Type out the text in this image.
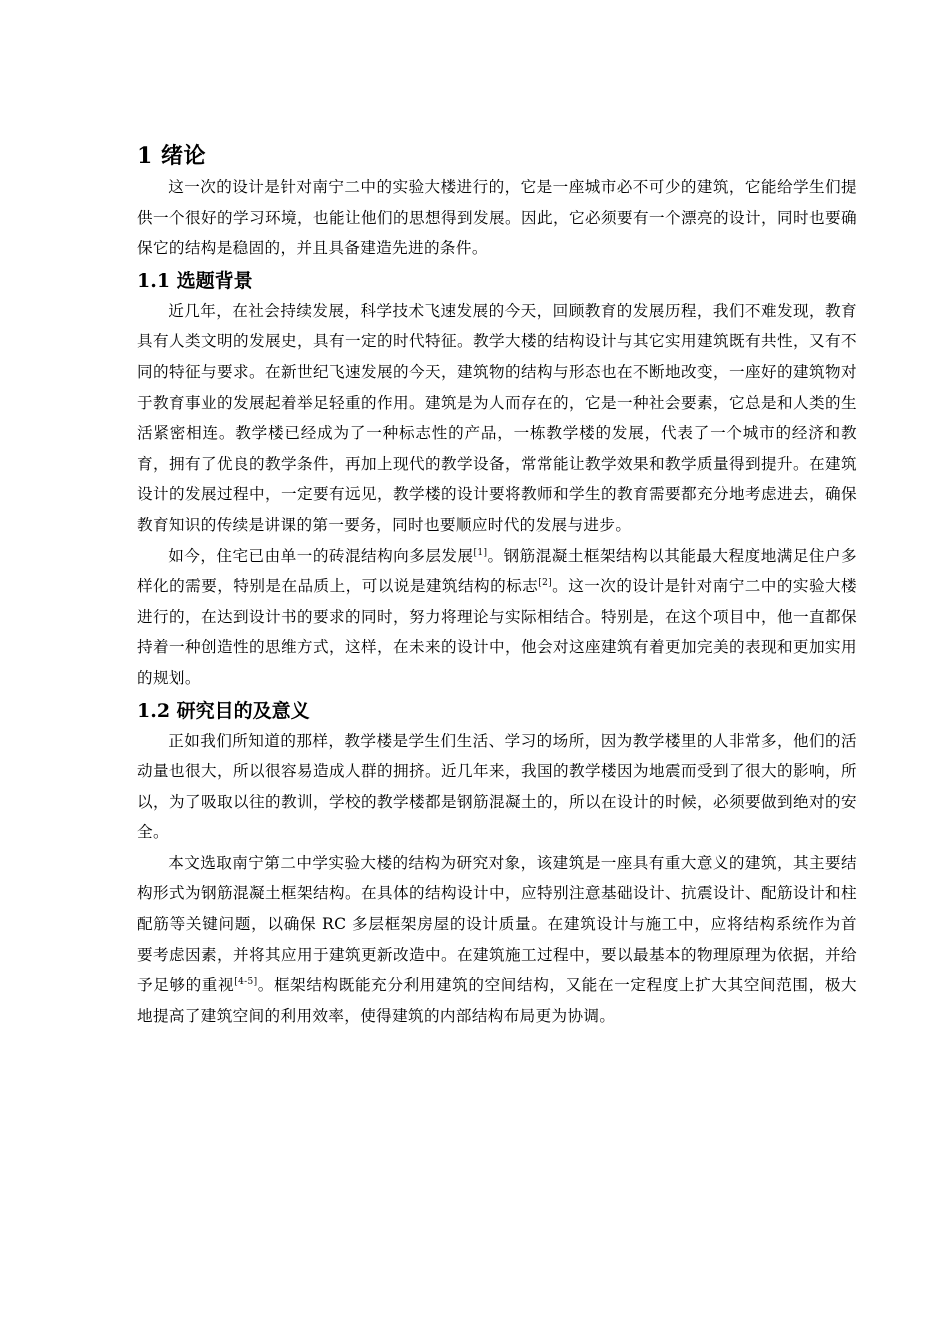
1 绪论

这一次的设计是针对南宁二中的实验大楼进行的，它是一座城市必不可少的建筑，它能给学生们提供一个很好的学习环境，也能让他们的思想得到发展。因此，它必须要有一个漂亮的设计，同时也要确保它的结构是稳固的，并且具备建造先进的条件。

1.1 选题背景

近几年，在社会持续发展，科学技术飞速发展的今天，回顾教育的发展历程，我们不难发现，教育具有人类文明的发展史，具有一定的时代特征。教学大楼的结构设计与其它实用建筑既有共性，又有不同的特征与要求。在新世纪飞速发展的今天，建筑物的结构与形态也在不断地改变，一座好的建筑物对于教育事业的发展起着举足轻重的作用。建筑是为人而存在的，它是一种社会要素，它总是和人类的生活紧密相连。教学楼已经成为了一种标志性的产品，一栋教学楼的发展，代表了一个城市的经济和教育，拥有了优良的教学条件，再加上现代的教学设备，常常能让教学效果和教学质量得到提升。在建筑设计的发展过程中，一定要有远见，教学楼的设计要将教师和学生的教育需要都充分地考虑进去，确保教育知识的传续是讲课的第一要务，同时也要顺应时代的发展与进步。

如今，住宅已由单一的砖混结构向多层发展[1]。钢筋混凝土框架结构以其能最大程度地满足住户多样化的需要，特别是在品质上，可以说是建筑结构的标志[2]。这一次的设计是针对南宁二中的实验大楼进行的，在达到设计书的要求的同时，努力将理论与实际相结合。特别是，在这个项目中，他一直都保持着一种创造性的思维方式，这样，在未来的设计中，他会对这座建筑有着更加完美的表现和更加实用的规划。

1.2 研究目的及意义

正如我们所知道的那样，教学楼是学生们生活、学习的场所，因为教学楼里的人非常多，他们的活动量也很大，所以很容易造成人群的拥挤。近几年来，我国的教学楼因为地震而受到了很大的影响，所以，为了吸取以往的教训，学校的教学楼都是钢筋混凝土的，所以在设计的时候，必须要做到绝对的安全。

本文选取南宁第二中学实验大楼的结构为研究对象，该建筑是一座具有重大意义的建筑，其主要结构形式为钢筋混凝土框架结构。在具体的结构设计中，应特别注意基础设计、抗震设计、配筋设计和柱配筋等关键问题，以确保 RC 多层框架房屋的设计质量。在建筑设计与施工中，应将结构系统作为首要考虑因素，并将其应用于建筑更新改造中。在建筑施工过程中，要以最基本的物理原理为依据，并给予足够的重视[4-5]。框架结构既能充分利用建筑的空间结构，又能在一定程度上扩大其空间范围，极大地提高了建筑空间的利用效率，使得建筑的内部结构布局更为协调。
